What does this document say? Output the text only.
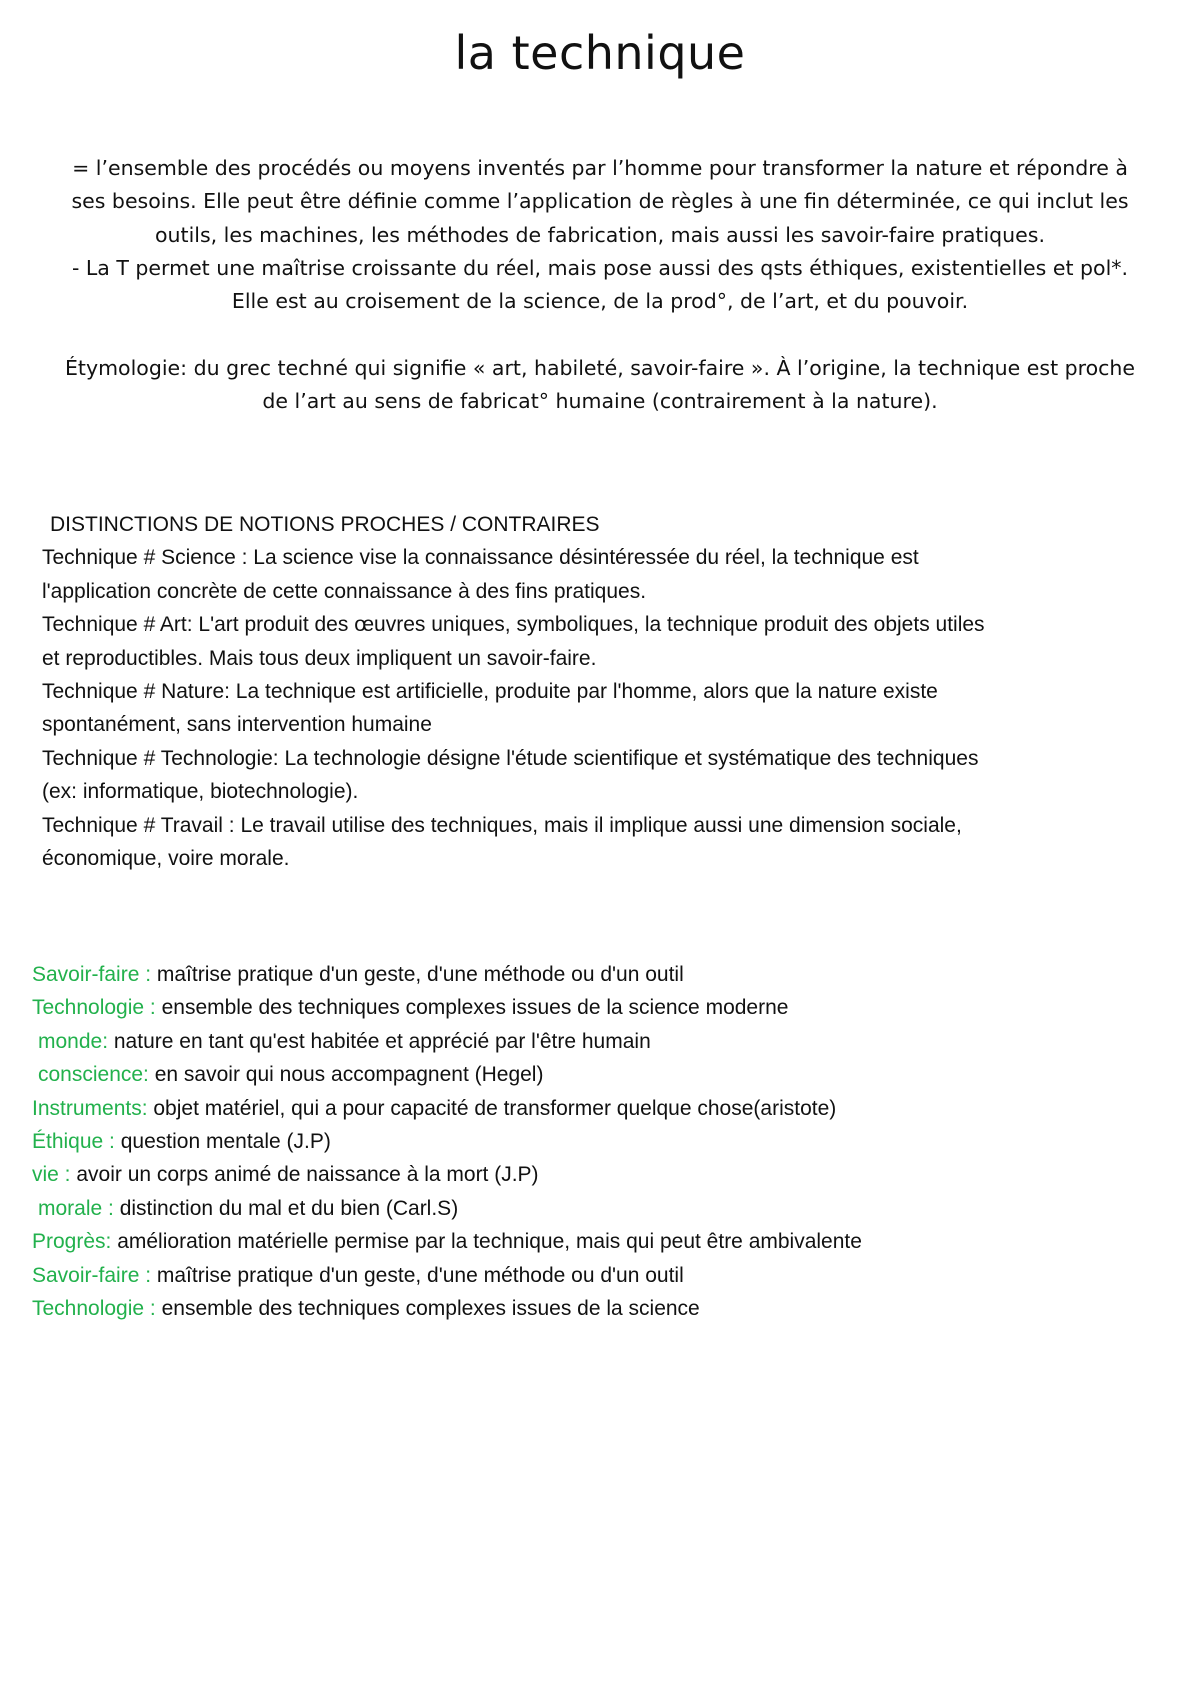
la technique
= l’ensemble des procédés ou moyens inventés par l’homme pour transformer la nature et répondre à
ses besoins. Elle peut être définie comme l’application de règles à une fin déterminée, ce qui inclut les
outils, les machines, les méthodes de fabrication, mais aussi les savoir-faire pratiques.
- La T permet une maîtrise croissante du réel, mais pose aussi des qsts éthiques, existentielles et pol*.
Elle est au croisement de la science, de la prod°, de l’art, et du pouvoir.
Étymologie: du grec techné qui signifie « art, habileté, savoir-faire ». À l’origine, la technique est proche
de l’art au sens de fabricat° humaine (contrairement à la nature).
DISTINCTIONS DE NOTIONS PROCHES / CONTRAIRES
Technique # Science : La science vise la connaissance désintéressée du réel, la technique est
l'application concrète de cette connaissance à des fins pratiques.
Technique # Art: L'art produit des œuvres uniques, symboliques, la technique produit des objets utiles
et reproductibles. Mais tous deux impliquent un savoir-faire.
Technique # Nature: La technique est artificielle, produite par l'homme, alors que la nature existe
spontanément, sans intervention humaine
Technique # Technologie: La technologie désigne l'étude scientifique et systématique des techniques
(ex: informatique, biotechnologie).
Technique # Travail : Le travail utilise des techniques, mais il implique aussi une dimension sociale,
économique, voire morale.
Savoir-faire : maîtrise pratique d'un geste, d'une méthode ou d'un outil
Technologie : ensemble des techniques complexes issues de la science moderne
monde: nature en tant qu'est habitée et apprécié par l'être humain
conscience: en savoir qui nous accompagnent (Hegel)
Instruments: objet matériel, qui a pour capacité de transformer quelque chose(aristote)
Éthique : question mentale (J.P)
vie : avoir un corps animé de naissance à la mort (J.P)
morale : distinction du mal et du bien (Carl.S)
Progrès: amélioration matérielle permise par la technique, mais qui peut être ambivalente
Savoir-faire : maîtrise pratique d'un geste, d'une méthode ou d'un outil
Technologie : ensemble des techniques complexes issues de la science
